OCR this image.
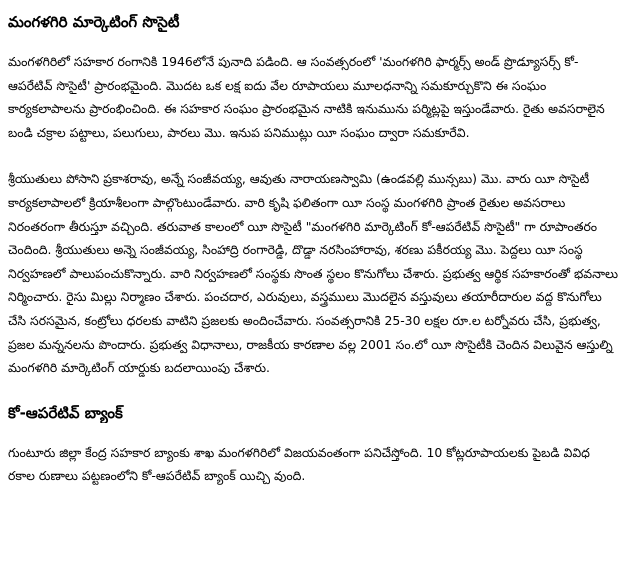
మంగళగిరి మార్కెటింగ్ సొసైటీ
మంగళగిరిలో సహకార రంగానికి 1946లోనే పునాది పడింది. ఆ సంవత్సరంలో 'మంగళగిరి ఫార్మర్స్ అండ్ ప్రొడ్యూసర్స్ కో-ఆపరేటివ్ సొసైటీ' ప్రారంభమైంది. మొదట ఒక లక్ష ఐదు వేల రూపాయలు మూలధనాన్ని సమకూర్చుకొని ఈ సంఘం కార్యకలాపాలను ప్రారంభించింది. ఈ సహకార సంఘం ప్రారంభమైన నాటికి ఇనుమును పర్మిట్లపై ఇస్తుండేవారు. రైతు అవసరాలైన బండి చక్రాల పట్టాలు, పలుగులు, పారలు మొ. ఇనుప పనిముట్లు యీ సంఘం ద్వారా సమకూరేవి.
శ్రీయుతులు పోసాని ప్రకాశరావు, అన్నే సంజీవయ్య, ఆవుతు నారాయణస్వామి (ఉండవల్లి మున్సబు) మొ. వారు యీ సొసైటీ కార్యకలాపాలలో క్రియాశీలంగా పాల్గొంటుండేవారు. వారి కృషి ఫలితంగా యీ సంస్థ మంగళగిరి ప్రాంత రైతుల అవసరాలు నిరంతరంగా తీరుస్తూ వచ్చింది. తరువాత కాలంలో యీ సొసైటీ "మంగళగిరి మార్కెటింగ్ కో-ఆపరేటివ్ సొసైటీ" గా రూపాంతరం చెందింది. శ్రీయుతులు అన్నె సంజీవయ్య, సింహాద్రి రంగారెడ్డి, దొడ్డా నరసింహారావు, శరణు పకీరయ్య మొ. పెద్దలు యీ సంస్థ నిర్వహణలో పాలుపంచుకొన్నారు. వారి నిర్వహణలో సంస్థకు సొంత స్థలం కొనుగోలు చేశారు. ప్రభుత్వ ఆర్థిక సహకారంతో భవనాలు నిర్మించారు. రైసు మిల్లు నిర్మాణం చేశారు. పంచదార, ఎరువులు, వస్త్రములు మొదలైన వస్తువులు తయారీదారుల వద్ద కొనుగోలు చేసి సరసమైన, కంట్రోలు ధరలకు వాటిని ప్రజలకు అందించేవారు. సంవత్సరానికి 25-30 లక్షల రూ.ల టర్నోవరు చేసి, ప్రభుత్వ, ప్రజల మన్ననలను పొందారు. ప్రభుత్వ విధానాలు, రాజకీయ కారణాల వల్ల 2001 సం.లో యీ సొసైటీకి చెందిన విలువైన ఆస్తుల్ని మంగళగిరి మార్కెటింగ్ యార్డుకు బదలాయింపు చేశారు.
కో-ఆపరేటివ్ బ్యాంక్
గుంటూరు జిల్లా కేంద్ర సహకార బ్యాంకు శాఖ మంగళగిరిలో విజయవంతంగా పనిచేస్తోంది. 10 కోట్లరూపాయలకు పైబడి వివిధ రకాల రుణాలు పట్టణంలోని కో-ఆపరేటివ్ బ్యాంక్ యిచ్చి వుంది.
